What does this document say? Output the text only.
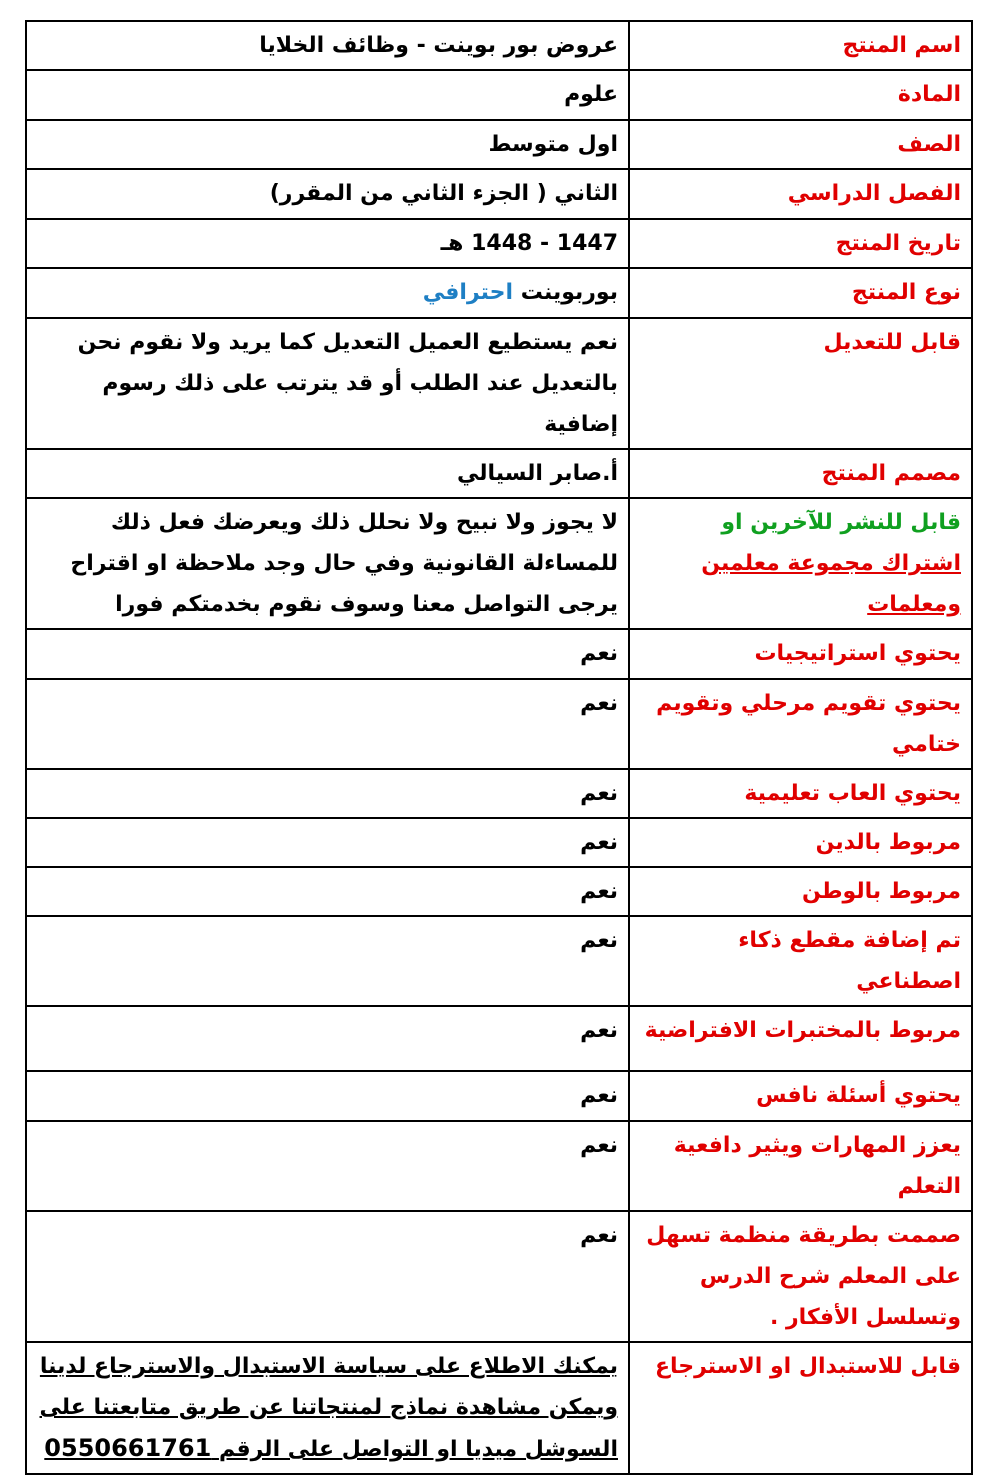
اسم المنتج	عروض بور بوينت - وظائف الخلايا
المادة	علوم
الصف	اول متوسط
الفصل الدراسي	الثاني ( الجزء الثاني من المقرر)
تاريخ المنتج	1447 - 1448 هـ
نوع المنتج	بوربوينت احترافي
قابل للتعديل	نعم يستطيع العميل التعديل كما يريد ولا نقوم نحن بالتعديل عند الطلب أو قد يترتب على ذلك رسوم إضافية
مصمم المنتج	أ.صابر السيالي
قابل للنشر للآخرين او اشتراك مجموعة معلمين ومعلمات	لا يجوز ولا نبيح ولا نحلل ذلك ويعرضك فعل ذلك للمساءلة القانونية وفي حال وجد ملاحظة او اقتراح يرجى التواصل معنا وسوف نقوم بخدمتكم فورا
يحتوي استراتيجيات	نعم
يحتوي تقويم مرحلي وتقويم ختامي	نعم
يحتوي العاب تعليمية	نعم
مربوط بالدين	نعم
مربوط بالوطن	نعم
تم إضافة مقطع ذكاء اصطناعي	نعم
مربوط بالمختبرات الافتراضية	نعم
يحتوي أسئلة نافس	نعم
يعزز المهارات ويثير دافعية التعلم	نعم
صممت بطريقة منظمة تسهل على المعلم شرح الدرس وتسلسل الأفكار .	نعم
قابل للاستبدال او الاسترجاع	يمكنك الاطلاع على سياسة الاستبدال والاسترجاع لدينا ويمكن مشاهدة نماذج لمنتجاتنا عن طريق متابعتنا على السوشل ميديا او التواصل على الرقم 0550661761
